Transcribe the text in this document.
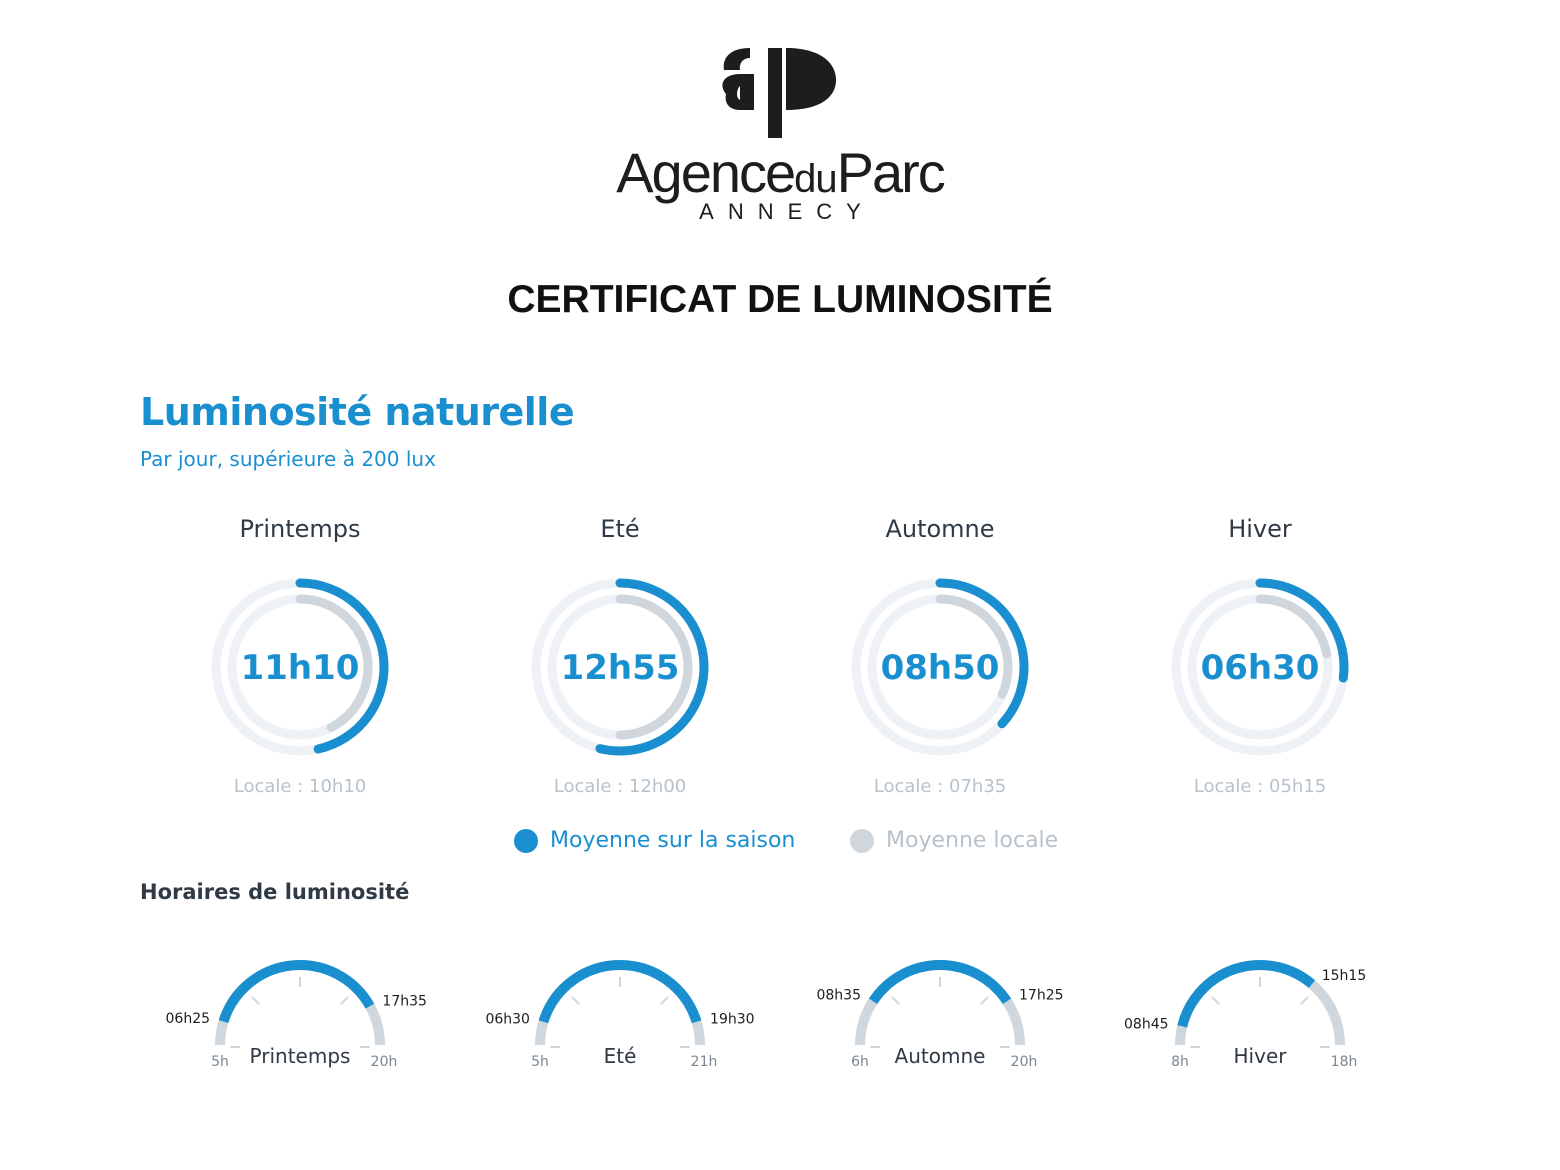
AgenceduParc
ANNECY
CERTIFICAT DE LUMINOSITÉ
Luminosité naturelle
Par jour, supérieure à 200 lux
Printemps
11h10
Locale : 10h10
Eté
12h55
Locale : 12h00
Automne
08h50
Locale : 07h35
Hiver
06h30
Locale : 05h15
5h	20h
Printemps
06h25
17h35
5h	21h
Eté
06h30	19h30
6h	20h
Automne
08h35	17h25
8h	18h
Hiver
08h45
15h15
Moyenne sur la saison	Moyenne locale
Horaires de luminosité
